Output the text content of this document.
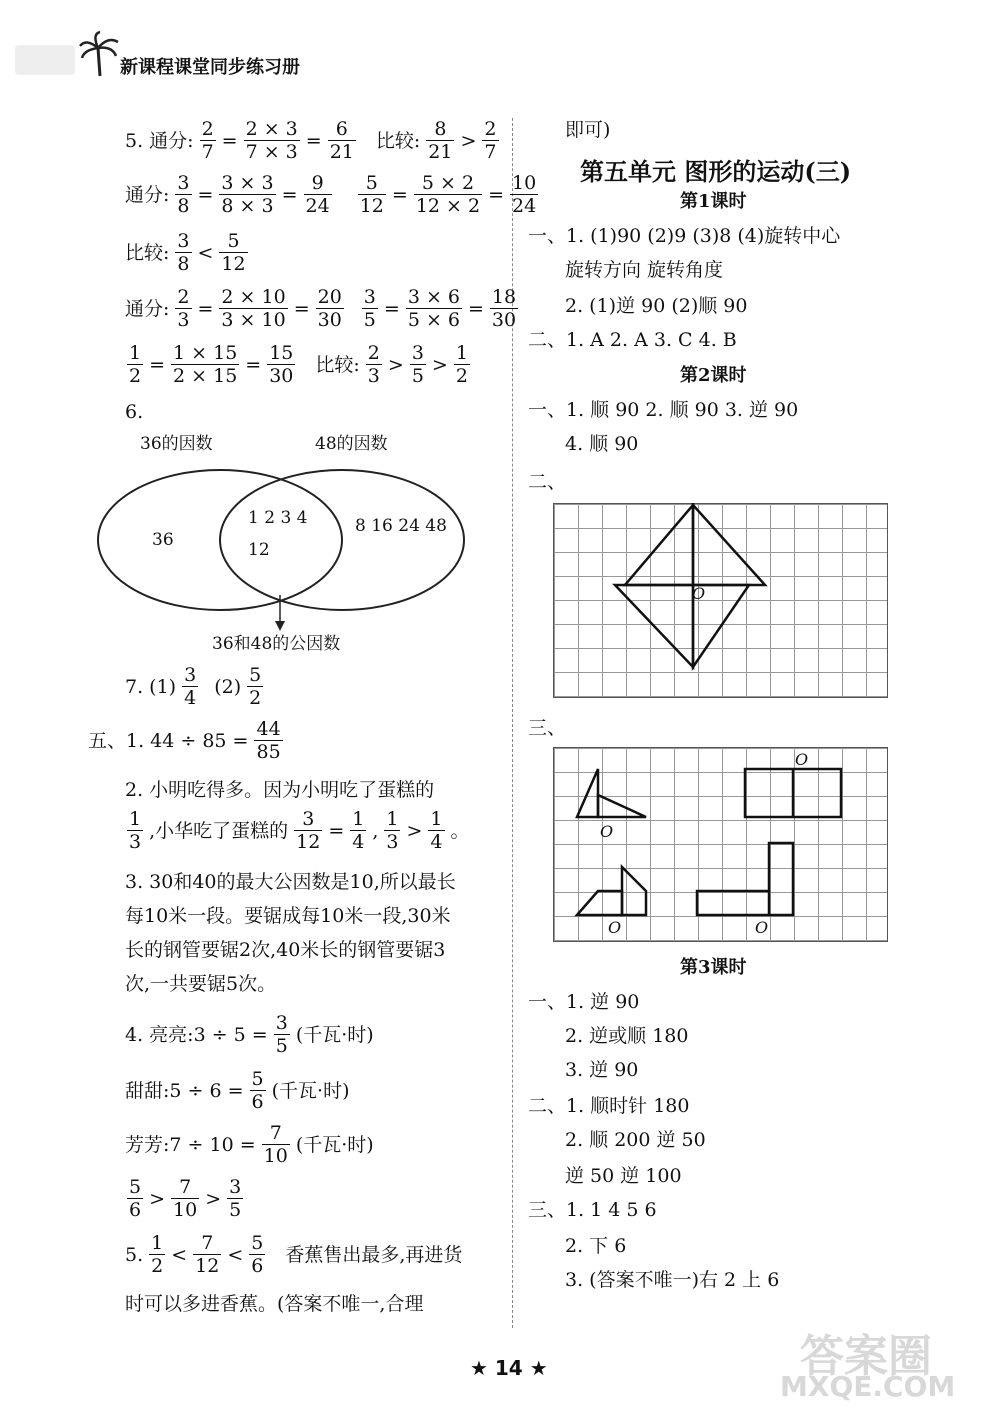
新课程课堂同步练习册
5. 通分: $\frac{2}{7} = \frac{2 \times 3}{7 \times 3} = \frac{6}{21}$ 比较: $\frac{8}{21} > \frac{2}{7}$
通分: $\frac{3}{8} = \frac{3 \times 3}{8 \times 3} = \frac{9}{24} \frac{5}{12} = \frac{5 \times 2}{12 \times 2} = \frac{10}{24}$
比较: $\frac{3}{8} < \frac{5}{12}$
通分: $\frac{2}{3} = \frac{2 \times 10}{3 \times 10} = \frac{20}{30} \frac{3}{5} = \frac{3 \times 6}{5 \times 6} = \frac{18}{30}$
$\frac{1}{2} = \frac{1 \times 15}{2 \times 15} = \frac{15}{30}$ 比较: $\frac{2}{3} > \frac{3}{5} > \frac{1}{2}$
6.
36的因数	48的因数
36
1 2 3 4
12
8 16 24 48
36和48的公因数
7. $(1) \frac{3}{4} (2) \frac{5}{2}$
五、1. $44 \div 85 = \frac{44}{85}$
2. 小明吃得多。因为小明吃了蛋糕的
$\frac{1}{3}$ ,小华吃了蛋糕的 $\frac{3}{12} = \frac{1}{4}$ , $\frac{1}{3} > \frac{1}{4}$ 。
3. 30和40的最大公因数是10,所以最长
每10米一段。要锯成每10米一段,30米
长的钢管要锯2次,40米长的钢管要锯3
次,一共要锯5次。
4. 亮亮:3 ÷ $5 = \frac{3}{5}$ (千瓦·时)
甜甜:5 ÷ $6 = \frac{5}{6}$ (千瓦·时)
芳芳:7 ÷ $10 = \frac{7}{10}$ (千瓦·时)
$\frac{5}{6} > \frac{7}{10} > \frac{3}{5}$
5. $\frac{1}{2} < \frac{7}{12} < \frac{5}{6}$ 香蕉售出最多,再进货
时可以多进香蕉。(答案不唯一,合理
即可)
第五单元 图形的运动(三)
第1课时
一、1. (1)90 (2)9 (3)8 (4)旋转中心
旋转方向 旋转角度
2. (1)逆 90 (2)顺 90
二、1. A 2. A 3. C 4. B
第2课时
一、1. 顺 90 2. 顺 90 3. 逆 90
4. 顺 90
二、
O
三、
O
O
O	O
第3课时
一、1. 逆 90
2. 逆或顺 180
3. 逆 90
二、1. 顺时针 180
2. 顺 200 逆 50
逆 50 逆 100
三、1. 1 4 5 6
2. 下 6
3. (答案不唯一)右 2 上 6
★ 14 ★	答案圈
MXQE.COM
